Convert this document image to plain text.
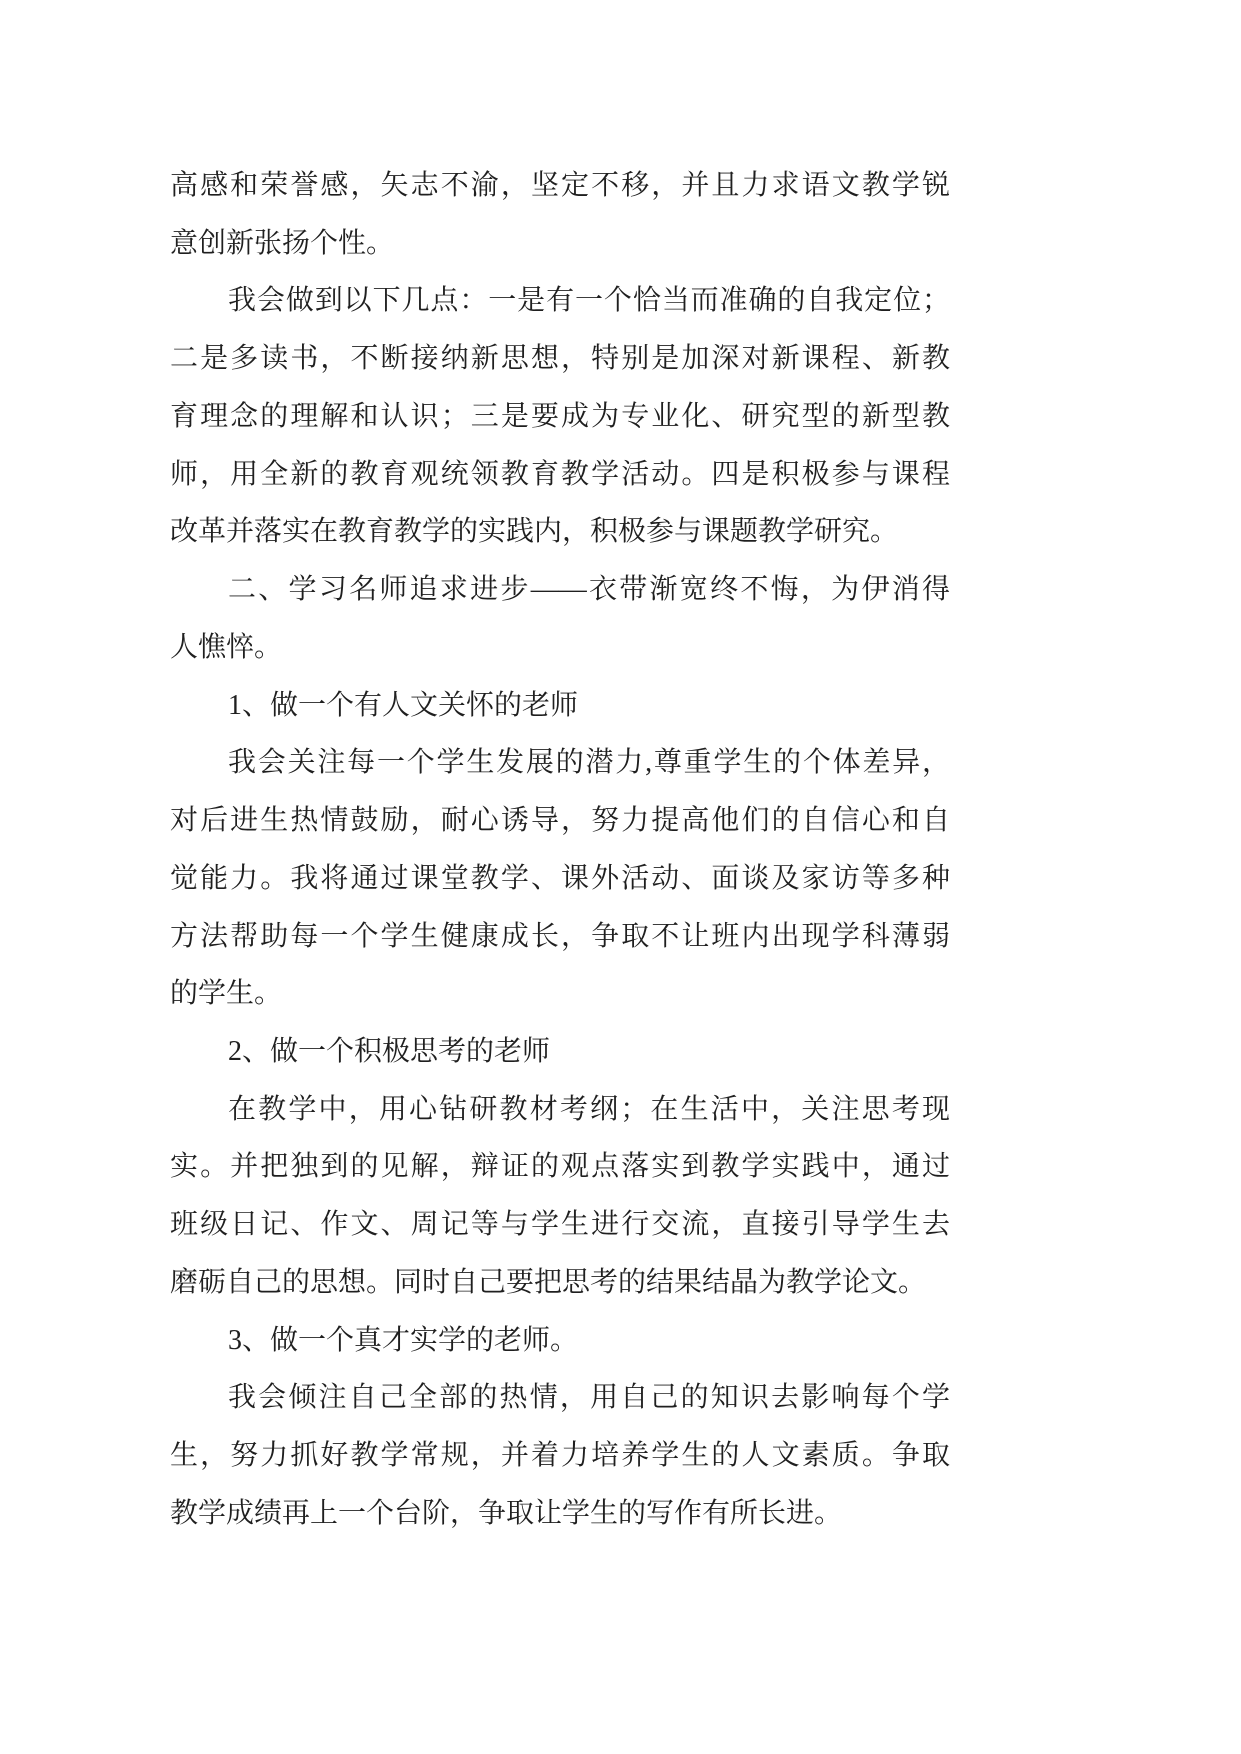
高感和荣誉感，矢志不渝，坚定不移，并且力求语文教学锐
意创新张扬个性。
我会做到以下几点：一是有一个恰当而准确的自我定位；
二是多读书，不断接纳新思想，特别是加深对新课程、新教
育理念的理解和认识；三是要成为专业化、研究型的新型教
师，用全新的教育观统领教育教学活动。四是积极参与课程
改革并落实在教育教学的实践内，积极参与课题教学研究。
二、学习名师追求进步——衣带渐宽终不悔，为伊消得
人憔悴。
1、做一个有人文关怀的老师
我会关注每一个学生发展的潜力,尊重学生的个体差异，
对后进生热情鼓励，耐心诱导，努力提高他们的自信心和自
觉能力。我将通过课堂教学、课外活动、面谈及家访等多种
方法帮助每一个学生健康成长，争取不让班内出现学科薄弱
的学生。
2、做一个积极思考的老师
在教学中，用心钻研教材考纲；在生活中，关注思考现
实。并把独到的见解，辩证的观点落实到教学实践中，通过
班级日记、作文、周记等与学生进行交流，直接引导学生去
磨砺自己的思想。同时自己要把思考的结果结晶为教学论文。
3、做一个真才实学的老师。
我会倾注自己全部的热情，用自己的知识去影响每个学
生，努力抓好教学常规，并着力培养学生的人文素质。争取
教学成绩再上一个台阶，争取让学生的写作有所长进。
